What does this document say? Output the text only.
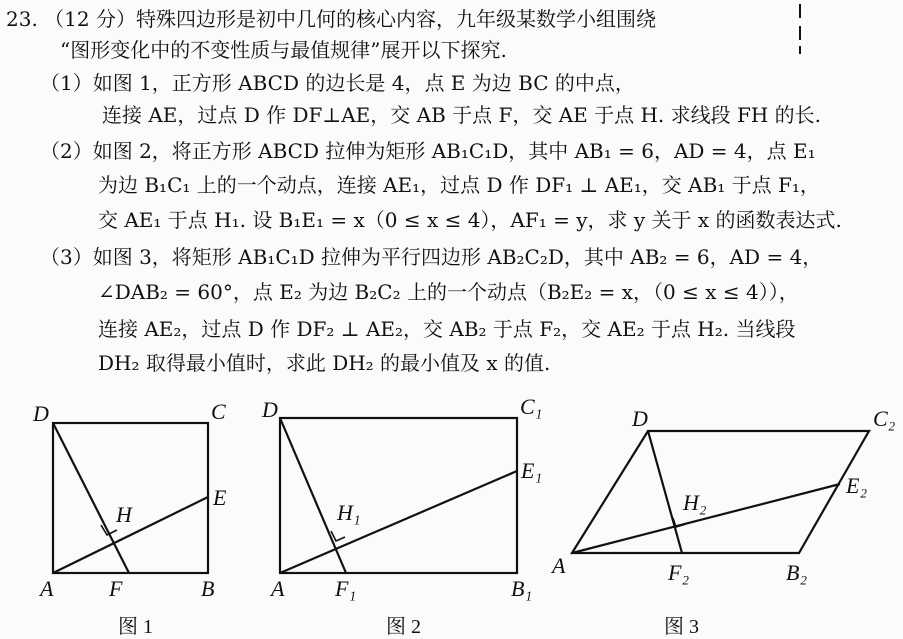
23. （12 分）特殊四边形是初中几何的核心内容，九年级某数学小组围绕
“图形变化中的不变性质与最值规律”展开以下探究.
（1）如图 1，正方形 ABCD 的边长是 4，点 E 为边 BC 的中点，
连接 AE，过点 D 作 DF⊥AE，交 AB 于点 F，交 AE 于点 H. 求线段 FH 的长.
（2）如图 2，将正方形 ABCD 拉伸为矩形 AB₁C₁D，其中 AB₁ = 6，AD = 4，点 E₁
为边 B₁C₁ 上的一个动点，连接 AE₁，过点 D 作 DF₁ ⊥ AE₁，交 AB₁ 于点 F₁，
交 AE₁ 于点 H₁. 设 B₁E₁ = x（0 ≤ x ≤ 4），AF₁ = y，求 y 关于 x 的函数表达式.
（3）如图 3，将矩形 AB₁C₁D 拉伸为平行四边形 AB₂C₂D，其中 AB₂ = 6，AD = 4，
∠DAB₂ = 60°，点 E₂ 为边 B₂C₂ 上的一个动点（B₂E₂ = x，（0 ≤ x ≤ 4）），
连接 AE₂，过点 D 作 DF₂ ⊥ AE₂，交 AB₂ 于点 F₂，交 AE₂ 于点 H₂. 当线段
DH₂ 取得最小值时，求此 DH₂ 的最小值及 x 的值.
D	C
H
E
A	F	B
图 1
D	C₁
H₁
E₁
A F₁	B₁
图 2
D	C₂
H₂
E₂
A	F₂	B₂
图 3
